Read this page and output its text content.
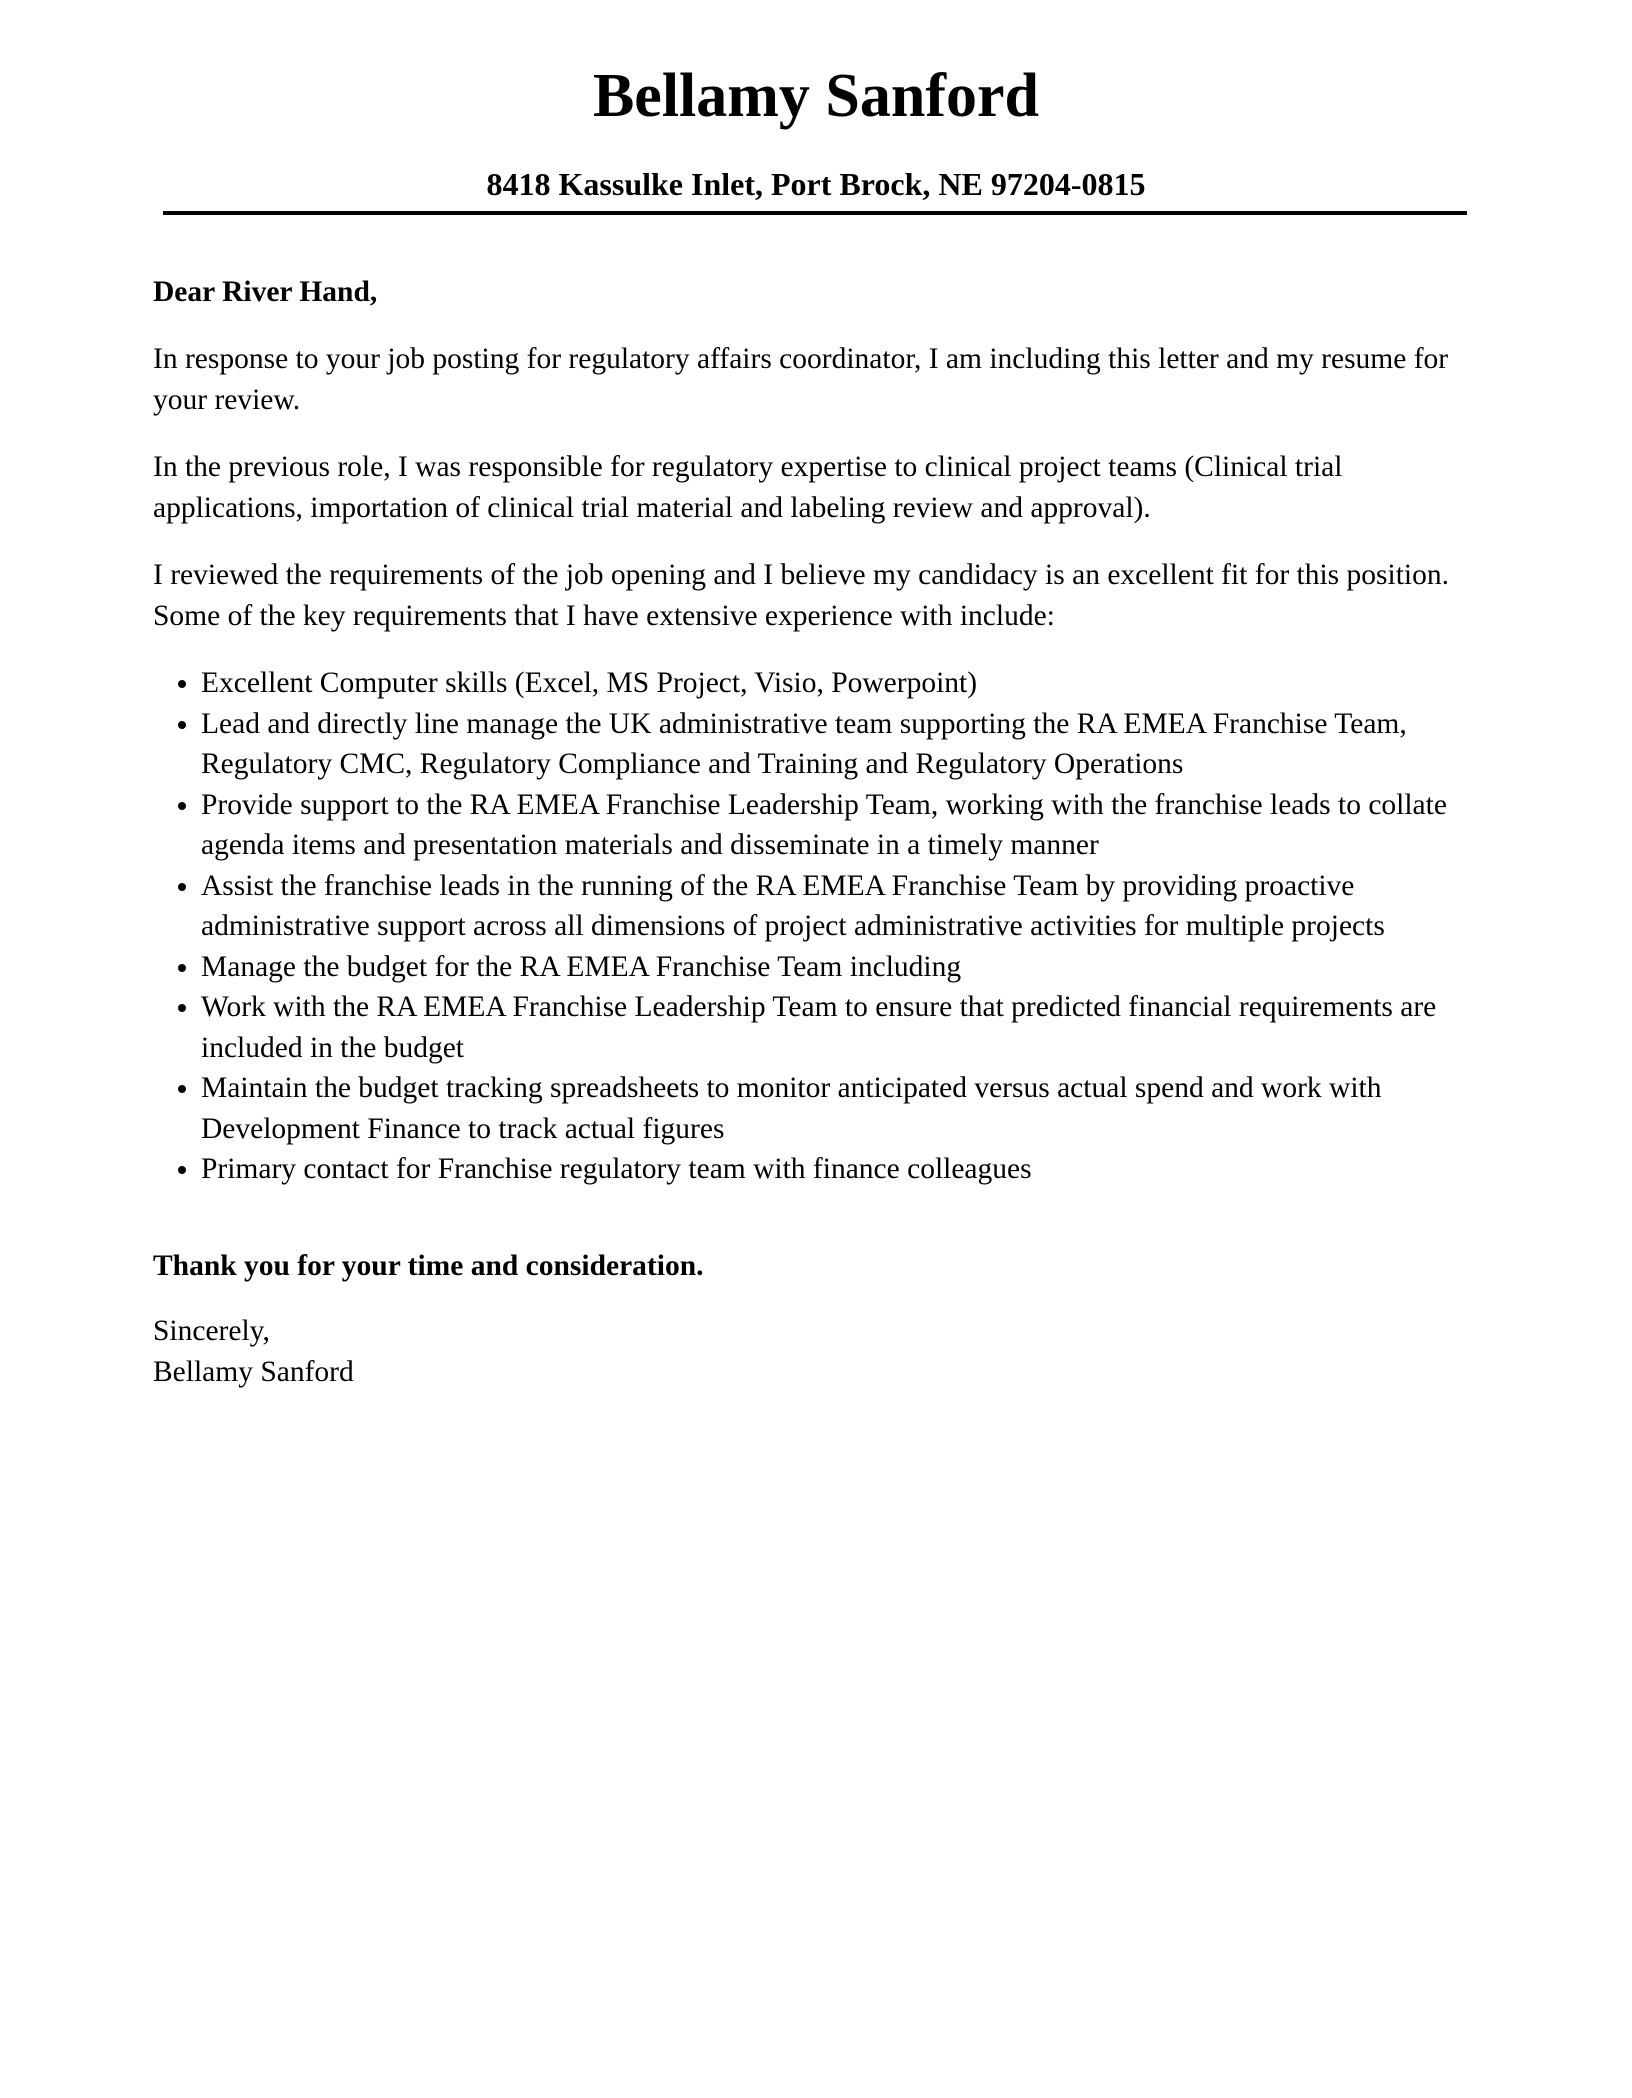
Bellamy Sanford
8418 Kassulke Inlet, Port Brock, NE 97204-0815
Dear River Hand,

In response to your job posting for regulatory affairs coordinator, I am including this letter and my resume for your review.

In the previous role, I was responsible for regulatory expertise to clinical project teams (Clinical trial applications, importation of clinical trial material and labeling review and approval).

I reviewed the requirements of the job opening and I believe my candidacy is an excellent fit for this position. Some of the key requirements that I have extensive experience with include:

• Excellent Computer skills (Excel, MS Project, Visio, Powerpoint)
• Lead and directly line manage the UK administrative team supporting the RA EMEA Franchise Team, Regulatory CMC, Regulatory Compliance and Training and Regulatory Operations
• Provide support to the RA EMEA Franchise Leadership Team, working with the franchise leads to collate agenda items and presentation materials and disseminate in a timely manner
• Assist the franchise leads in the running of the RA EMEA Franchise Team by providing proactive administrative support across all dimensions of project administrative activities for multiple projects
• Manage the budget for the RA EMEA Franchise Team including
• Work with the RA EMEA Franchise Leadership Team to ensure that predicted financial requirements are included in the budget
• Maintain the budget tracking spreadsheets to monitor anticipated versus actual spend and work with Development Finance to track actual figures
• Primary contact for Franchise regulatory team with finance colleagues
Thank you for your time and consideration.
Sincerely,
Bellamy Sanford
